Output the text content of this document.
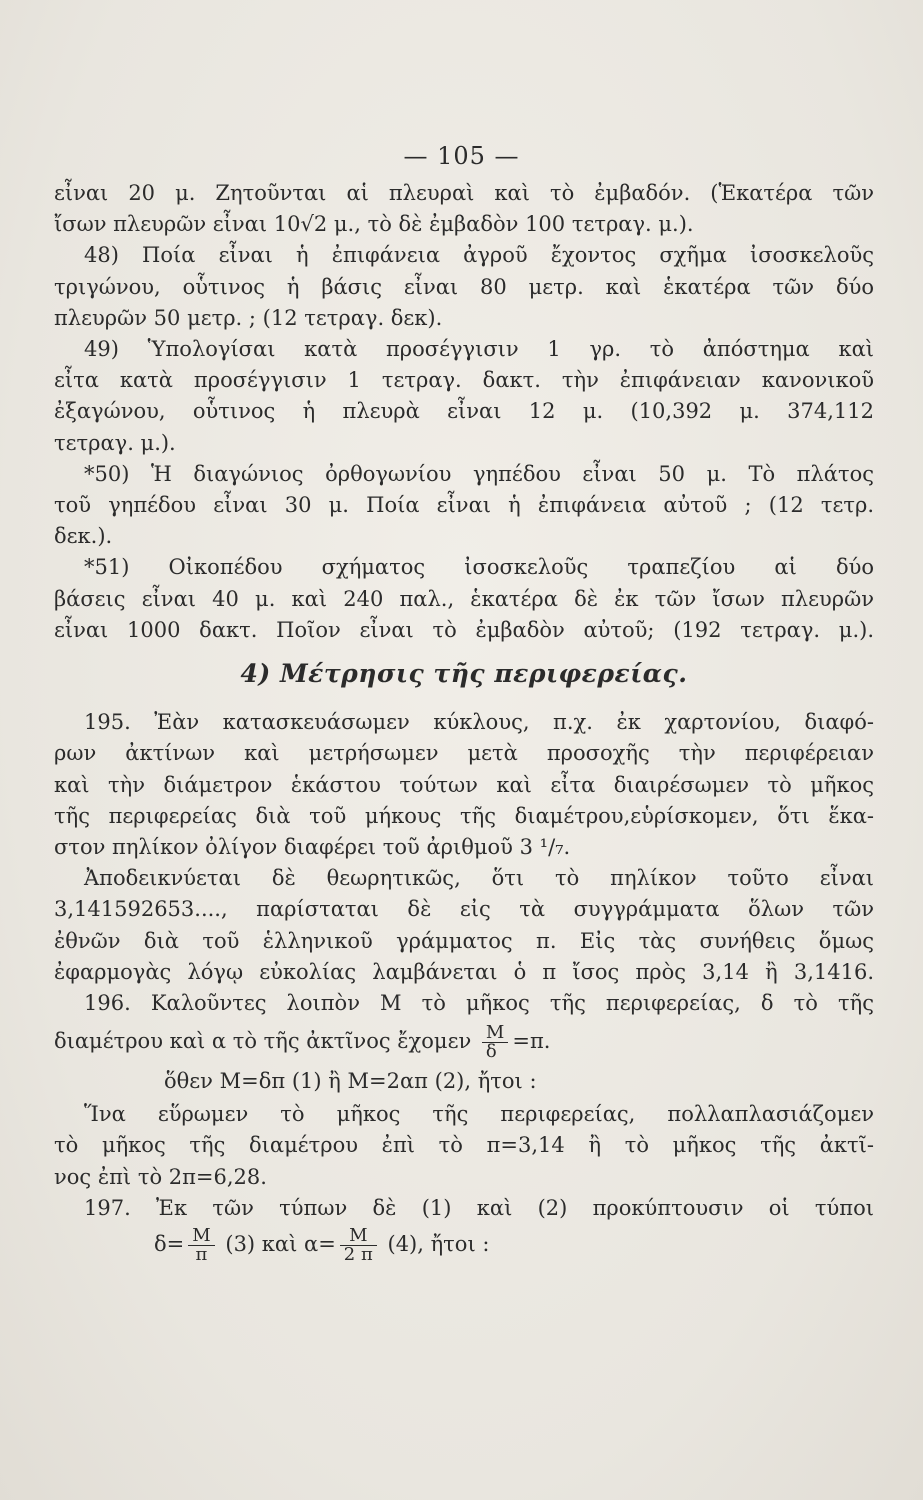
— 105 —
εἶναι 20 μ. Ζητοῦνται αἱ πλευραὶ καὶ τὸ ἐμβαδόν. (Ἑκατέρα τῶν
ἴσων πλευρῶν εἶναι 10√2 μ., τὸ δὲ ἐμβαδὸν 100 τετραγ. μ.).
48) Ποία εἶναι ἡ ἐπιφάνεια ἀγροῦ ἔχοντος σχῆμα ἰσοσκελοῦς
τριγώνου, οὗτινος ἡ βάσις εἶναι 80 μετρ. καὶ ἑκατέρα τῶν δύο
πλευρῶν 50 μετρ. ; (12 τετραγ. δεκ).
49) Ὑπολογίσαι κατὰ προσέγγισιν 1 γρ. τὸ ἀπόστημα καὶ
εἶτα κατὰ προσέγγισιν 1 τετραγ. δακτ. τὴν ἐπιφάνειαν κανονικοῦ
ἐξαγώνου, οὗτινος ἡ πλευρὰ εἶναι 12 μ. (10,392 μ. 374,112
τετραγ. μ.).
*50) Ἡ διαγώνιος ὀρθογωνίου γηπέδου εἶναι 50 μ. Τὸ πλάτος
τοῦ γηπέδου εἶναι 30 μ. Ποία εἶναι ἡ ἐπιφάνεια αὐτοῦ ; (12 τετρ.
δεκ.).
*51) Οἰκοπέδου σχήματος ἰσοσκελοῦς τραπεζίου αἱ δύο
βάσεις εἶναι 40 μ. καὶ 240 παλ., ἑκατέρα δὲ ἐκ τῶν ἴσων πλευρῶν
εἶναι 1000 δακτ. Ποῖον εἶναι τὸ ἐμβαδὸν αὐτοῦ; (192 τετραγ. μ.).
4) Μέτρησις τῆς περιφερείας.
195. Ἐὰν κατασκευάσωμεν κύκλους, π.χ. ἐκ χαρτονίου, διαφό-
ρων ἀκτίνων καὶ μετρήσωμεν μετὰ προσοχῆς τὴν περιφέρειαν
καὶ τὴν διάμετρον ἑκάστου τούτων καὶ εἶτα διαιρέσωμεν τὸ μῆκος
τῆς περιφερείας διὰ τοῦ μήκους τῆς διαμέτρου,εὑρίσκομεν, ὅτι ἕκα-
στον πηλίκον ὀλίγον διαφέρει τοῦ ἀριθμοῦ 3 ¹/₇.
Ἀποδεικνύεται δὲ θεωρητικῶς, ὅτι τὸ πηλίκον τοῦτο εἶναι
3,141592653...., παρίσταται δὲ εἰς τὰ συγγράμματα ὅλων τῶν
ἐθνῶν διὰ τοῦ ἑλληνικοῦ γράμματος π. Εἰς τὰς συνήθεις ὅμως
ἐφαρμογὰς λόγῳ εὐκολίας λαμβάνεται ὁ π ἴσος πρὸς 3,14 ἢ 3,1416.
196. Καλοῦντες λοιπὸν Μ τὸ μῆκος τῆς περιφερείας, δ τὸ τῆς
διαμέτρου καὶ α τὸ τῆς ἀκτῖνος ἔχομεν $\frac{M}{\delta} =\pi$.
ὅθεν Μ=δπ (1) ἢ Μ=2απ (2), ἤτοι :
Ἵνα εὕρωμεν τὸ μῆκος τῆς περιφερείας, πολλαπλασιάζομεν
τὸ μῆκος τῆς διαμέτρου ἐπὶ τὸ π=3,14 ἢ τὸ μῆκος τῆς ἀκτῖ-
νος ἐπὶ τὸ 2π=6,28.
197. Ἐκ τῶν τύπων δὲ (1) καὶ (2) προκύπτουσιν οἱ τύποι
$\delta= \frac{M}{\pi} (3)$ καὶ $\alpha= \frac{M}{2 \pi} (4)$, ἤτοι :
